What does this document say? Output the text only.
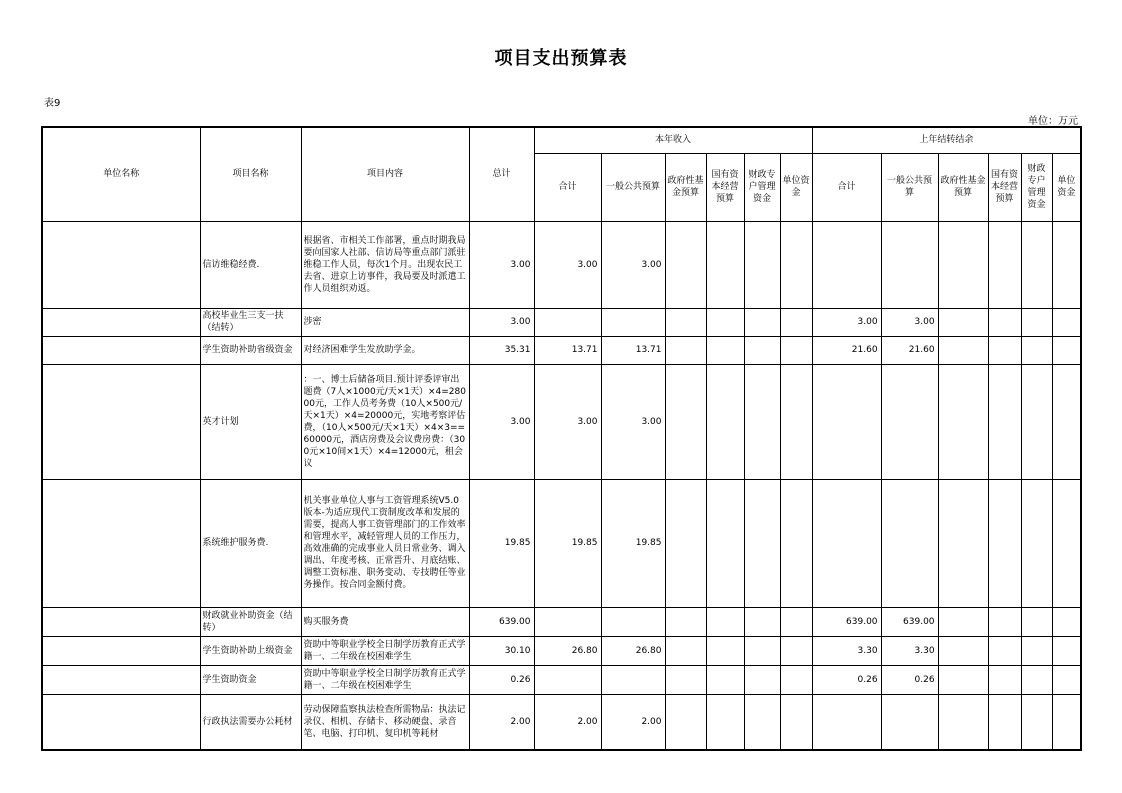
项目支出预算表
表9
单位：万元
单位名称	项目名称	项目内容	总计	本年收入						上年结转结余					
				合计	一般公共预算	政府性基金预算	国有资本经营预算	财政专户管理资金	单位资金	合计	一般公共预算	政府性基金预算	国有资本经营预算	财政专户管理资金	单位资金
	信访维稳经费.	根据省、市相关工作部署，重点时期我局要向国家人社部、信访局等重点部门派驻维稳工作人员，每次1个月。出现农民工去省、进京上访事件，我局要及时派遣工作人员组织劝返。	3.00	3.00	3.00										
	高校毕业生三支一扶（结转）	涉密	3.00							3.00	3.00				
	学生资助补助省级资金	对经济困难学生发放助学金。	35.31	13.71	13.71					21.60	21.60				
	英才计划	：一、博士后储备项目.预计评委评审出题费（7人×1000元/天×1天）×4=28000元，工作人员考务费（10人×500元/天×1天）×4=20000元，实地考察评估费，（10人×500元/天×1天）×4×3==60000元，酒店房费及会议费房费：（300元×10间×1天）×4=12000元，租会议	3.00	3.00	3.00										
	系统维护服务费.	机关事业单位人事与工资管理系统V5.0版本-为适应现代工资制度改革和发展的需要，提高人事工资管理部门的工作效率和管理水平，减轻管理人员的工作压力，高效准确的完成事业人员日常业务、调入调出、年度考核、正常晋升、月底结账、调整工资标准、职务变动、专技聘任等业务操作。按合同金额付费。	19.85	19.85	19.85										
	财政就业补助资金（结转）	购买服务费	639.00							639.00	639.00				
	学生资助补助上级资金	资助中等职业学校全日制学历教育正式学籍一、二年级在校困难学生	30.10	26.80	26.80					3.30	3.30				
	学生资助资金	资助中等职业学校全日制学历教育正式学籍一、二年级在校困难学生	0.26							0.26	0.26				
	行政执法需要办公耗材	劳动保障监察执法检查所需物品：执法记录仪、相机、存储卡、移动硬盘、录音笔、电脑、打印机、复印机等耗材	2.00	2.00	2.00										
